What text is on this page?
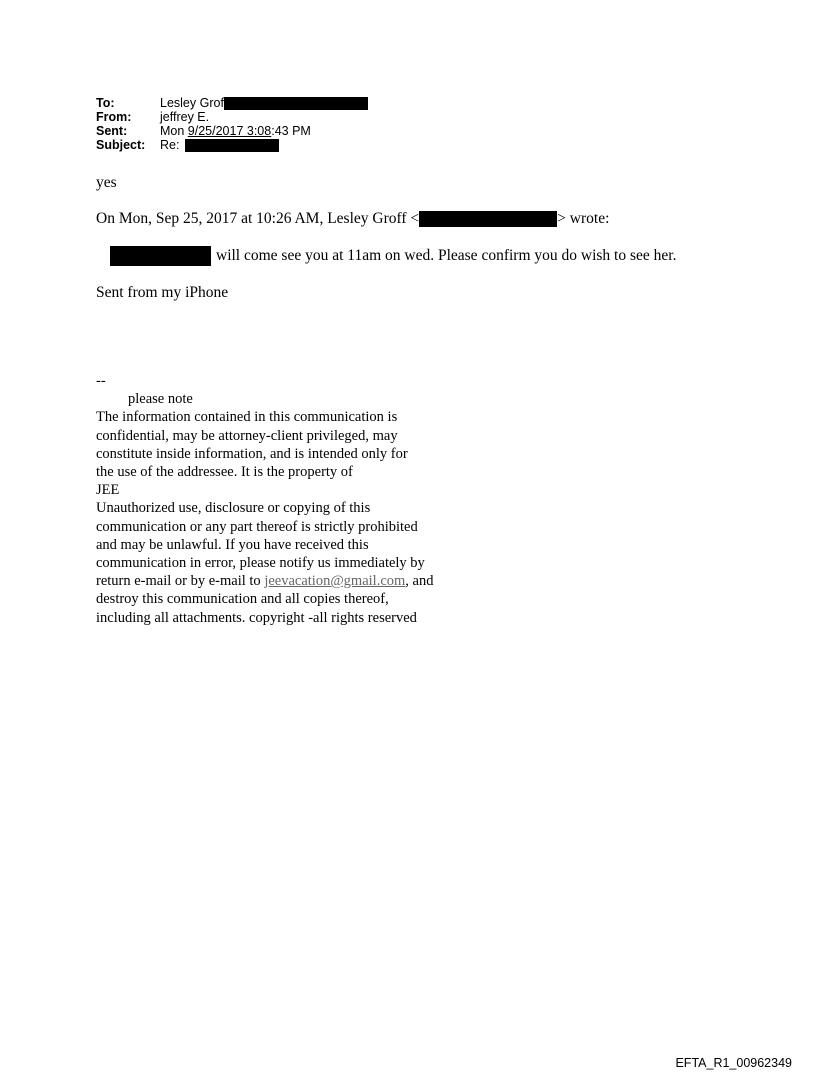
To:	Lesley Grof
From:	jeffrey E.
Sent:	Mon 9/25/2017 3:08 :43 PM
Subject:	Re:
yes
On Mon, Sep 25, 2017 at 10:26 AM, Lesley Groff <	> wrote:
will come see you at 11am on wed. Please confirm you do wish to see her.
Sent from my iPhone
--
please note
The information contained in this communication is
confidential, may be attorney-client privileged, may
constitute inside information, and is intended only for
the use of the addressee. It is the property of
JEE
Unauthorized use, disclosure or copying of this
communication or any part thereof is strictly prohibited
and may be unlawful. If you have received this
communication in error, please notify us immediately by
return e-mail or by e-mail to jeevacation@gmail.com, and
destroy this communication and all copies thereof,
including all attachments. copyright -all rights reserved
EFTA_R1_00962349
